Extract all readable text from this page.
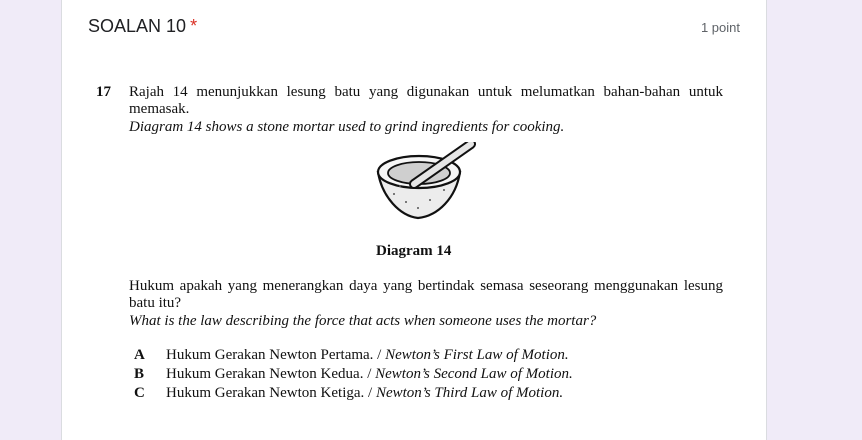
SOALAN 10 *	1 point
17 Rajah 14 menunjukkan lesung batu yang digunakan untuk melumatkan bahan-bahan untuk
memasak.
Diagram 14 shows a stone mortar used to grind ingredients for cooking.
Diagram 14
Hukum apakah yang menerangkan daya yang bertindak semasa seseorang menggunakan lesung
batu itu?
What is the law describing the force that acts when someone uses the mortar?
A Hukum Gerakan Newton Pertama. / Newton’s First Law of Motion.
B Hukum Gerakan Newton Kedua. / Newton’s Second Law of Motion.
C Hukum Gerakan Newton Ketiga. / Newton’s Third Law of Motion.
